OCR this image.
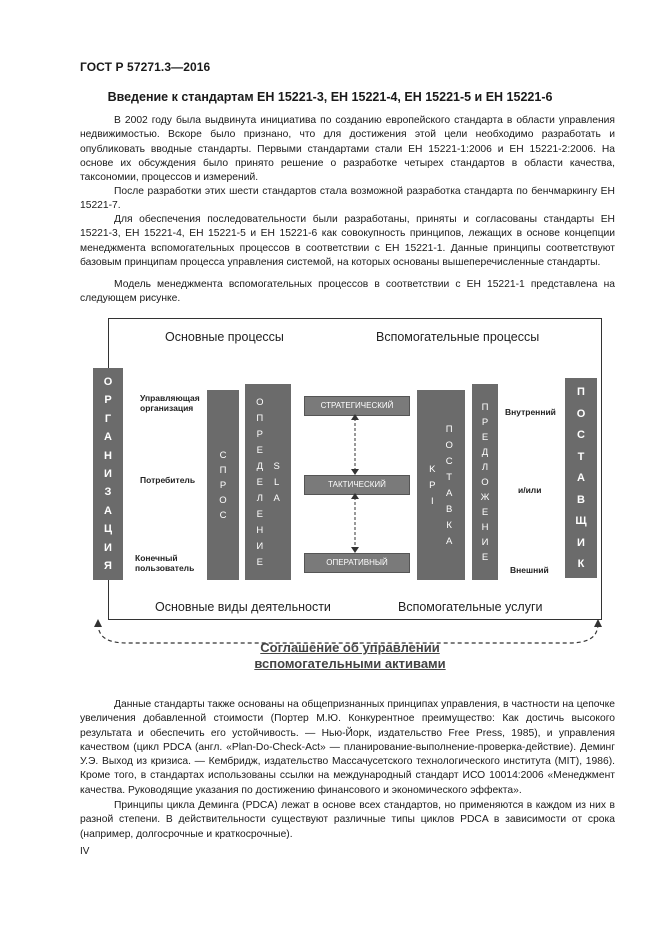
ГОСТ Р 57271.3—2016
Введение к стандартам ЕН 15221-3, ЕН 15221-4, ЕН 15221-5 и ЕН 15221-6

В 2002 году была выдвинута инициатива по созданию европейского стандарта в области управления недвижимостью. Вскоре было признано, что для достижения этой цели необходимо разработать и опубликовать вводные стандарты. Первыми стандартами стали ЕН 15221-1:2006 и ЕН 15221-2:2006. На основе их обсуждения было принято решение о разработке четырех стандартов в области качества, таксономии, процессов и измерений.

После разработки этих шести стандартов стала возможной разработка стандарта по бенчмаркингу ЕН 15221-7.

Для обеспечения последовательности были разработаны, приняты и согласованы стандарты ЕН 15221-3, ЕН 15221-4, ЕН 15221-5 и ЕН 15221-6 как совокупность принципов, лежащих в основе концепции менеджмента вспомогательных процессов в соответствии с ЕН 15221-1. Данные принципы соответствуют базовым принципам процесса управления системой, на которых основаны вышеперечисленные стандарты.

Модель менеджмента вспомогательных процессов в соответствии с ЕН 15221-1 представлена на следующем рисунке.

Основные процессы	Вспомогательные процессы
Основные виды деятельности	Вспомогательные услуги
О
Р
Г
А
Н
И
З
А
Ц
И
Я
Управляющая организация
Потребитель
Конечный пользователь
С
П
Р
О
С
О
П
Р
Е
Д
Е
Л
Е
Н
И
Е
S
L
A
СТРАТЕГИЧЕСКИЙ
ТАКТИЧЕСКИЙ
ОПЕРАТИВНЫЙ
K
P
I
П
О
С
Т
А
В
К
А
П
Р
Е
Д
Л
О
Ж
Е
Н
И
Е
Внутренний
и/или
Внешний
П
О
С
Т
А
В
Щ
И
К
Соглашение об управлении
вспомогательными активами

Данные стандарты также основаны на общепризнанных принципах управления, в частности на цепочке увеличения добавленной стоимости (Портер М.Ю. Конкурентное преимущество: Как достичь высокого результата и обеспечить его устойчивость. — Нью-Йорк, издательство Free Press, 1985), и управления качеством (цикл PDCA (англ. «Plan-Do-Check-Act» — планирование-выполнение-проверка-действие). Деминг У.Э. Выход из кризиса. — Кембридж, издательство Массачусетского технологического института (MIT), 1986). Кроме того, в стандартах использованы ссылки на международный стандарт ИСО 10014:2006 «Менеджмент качества. Руководящие указания по достижению финансового и экономического эффекта».

Принципы цикла Деминга (PDCA) лежат в основе всех стандартов, но применяются в каждом из них в разной степени. В действительности существуют различные типы циклов PDCA в зависимости от срока (например, долгосрочные и краткосрочные).

IV
